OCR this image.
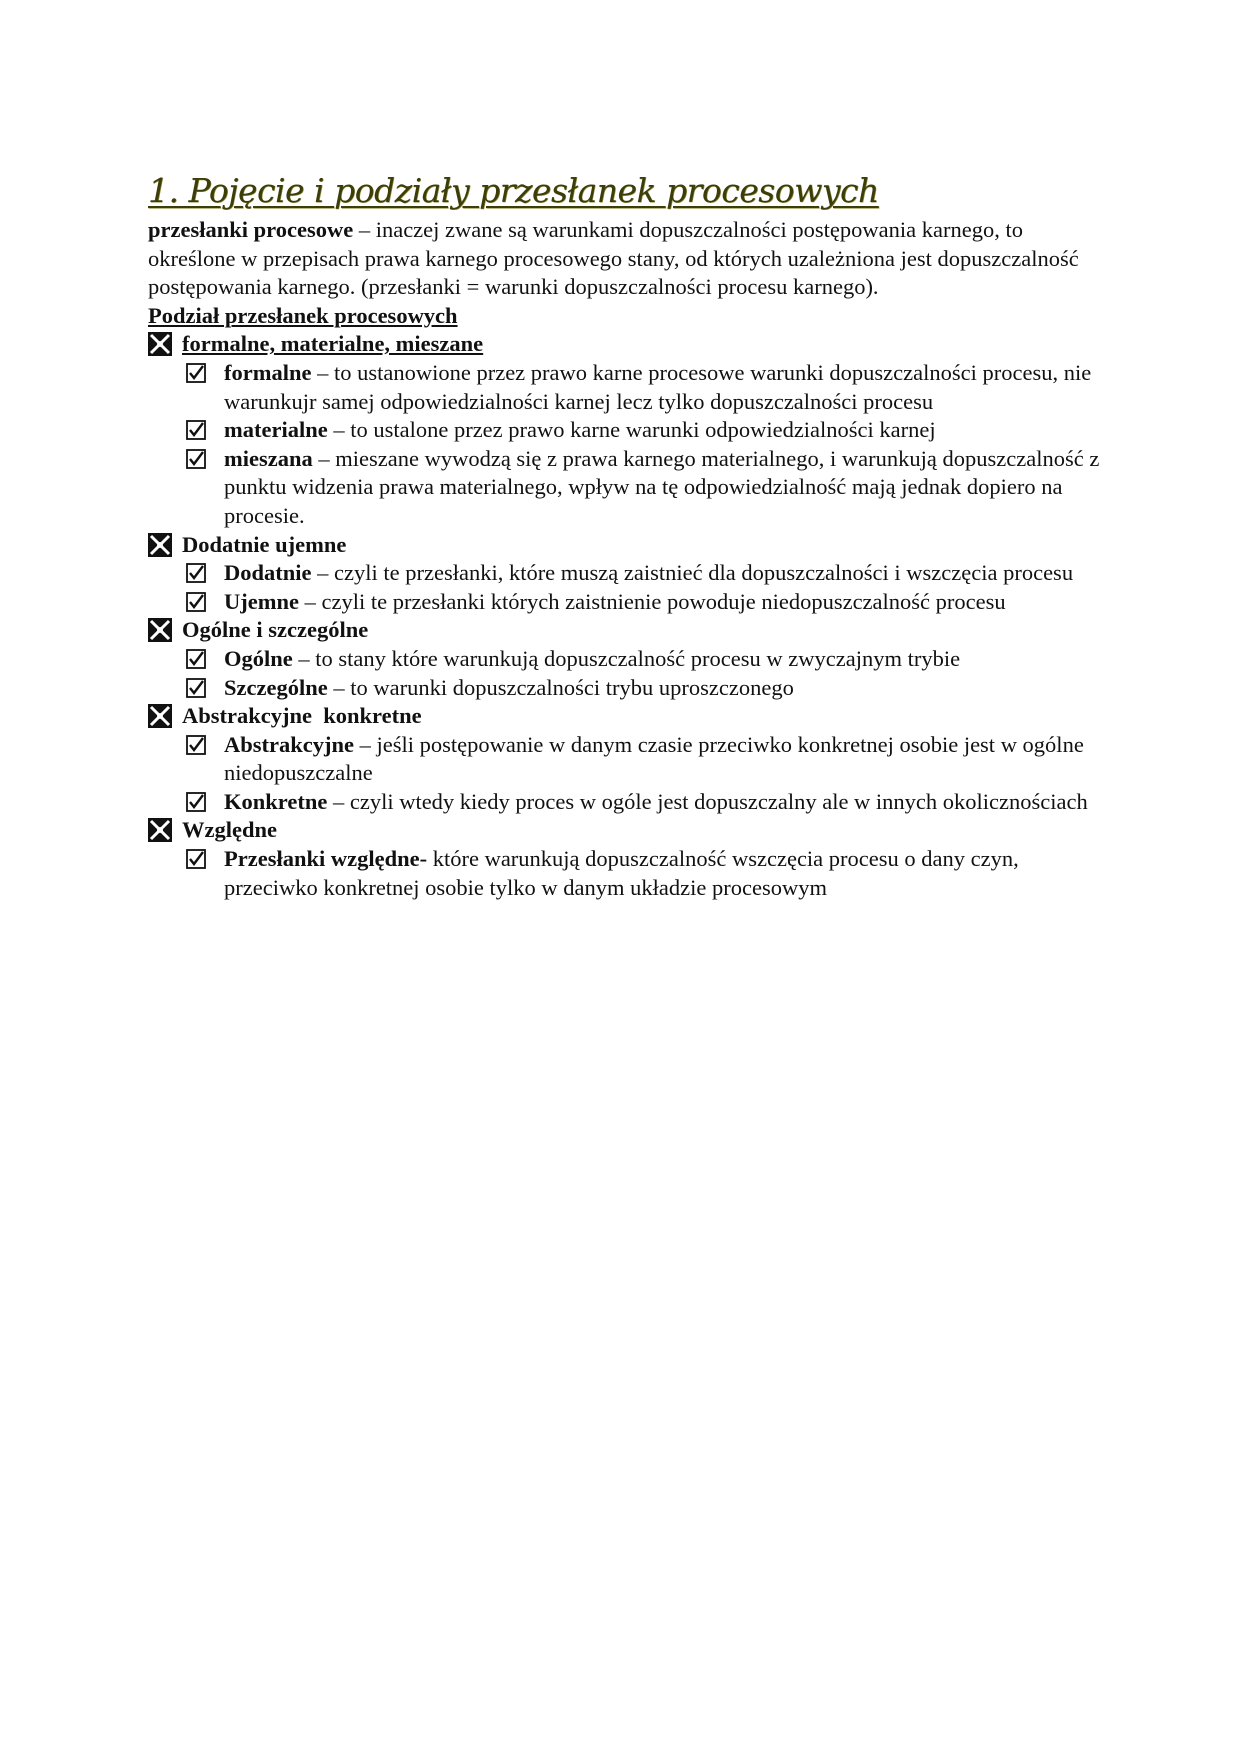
1. Pojęcie i podziały przesłanek procesowych

przesłanki procesowe – inaczej zwane są warunkami dopuszczalności postępowania karnego, to określone w przepisach prawa karnego procesowego stany, od których uzależniona jest dopuszczalność postępowania karnego. (przesłanki = warunki dopuszczalności procesu karnego).

Podział przesłanek procesowych

formalne, materialne, mieszane
formalne – to ustanowione przez prawo karne procesowe warunki dopuszczalności procesu, nie warunkujr samej odpowiedzialności karnej lecz tylko dopuszczalności procesu
materialne – to ustalone przez prawo karne warunki odpowiedzialności karnej
mieszana – mieszane wywodzą się z prawa karnego materialnego, i warunkują dopuszczalność z punktu widzenia prawa materialnego, wpływ na tę odpowiedzialność mają jednak dopiero na procesie.
Dodatnie ujemne
Dodatnie – czyli te przesłanki, które muszą zaistnieć dla dopuszczalności i wszczęcia procesu
Ujemne – czyli te przesłanki których zaistnienie powoduje niedopuszczalność procesu
Ogólne i szczególne
Ogólne – to stany które warunkują dopuszczalność procesu w zwyczajnym trybie
Szczególne – to warunki dopuszczalności trybu uproszczonego
Abstrakcyjne  konkretne
Abstrakcyjne – jeśli postępowanie w danym czasie przeciwko konkretnej osobie jest w ogólne niedopuszczalne
Konkretne – czyli wtedy kiedy proces w ogóle jest dopuszczalny ale w innych okolicznościach
Względne
Przesłanki względne- które warunkują dopuszczalność wszczęcia procesu o dany czyn, przeciwko konkretnej osobie tylko w danym układzie procesowym
